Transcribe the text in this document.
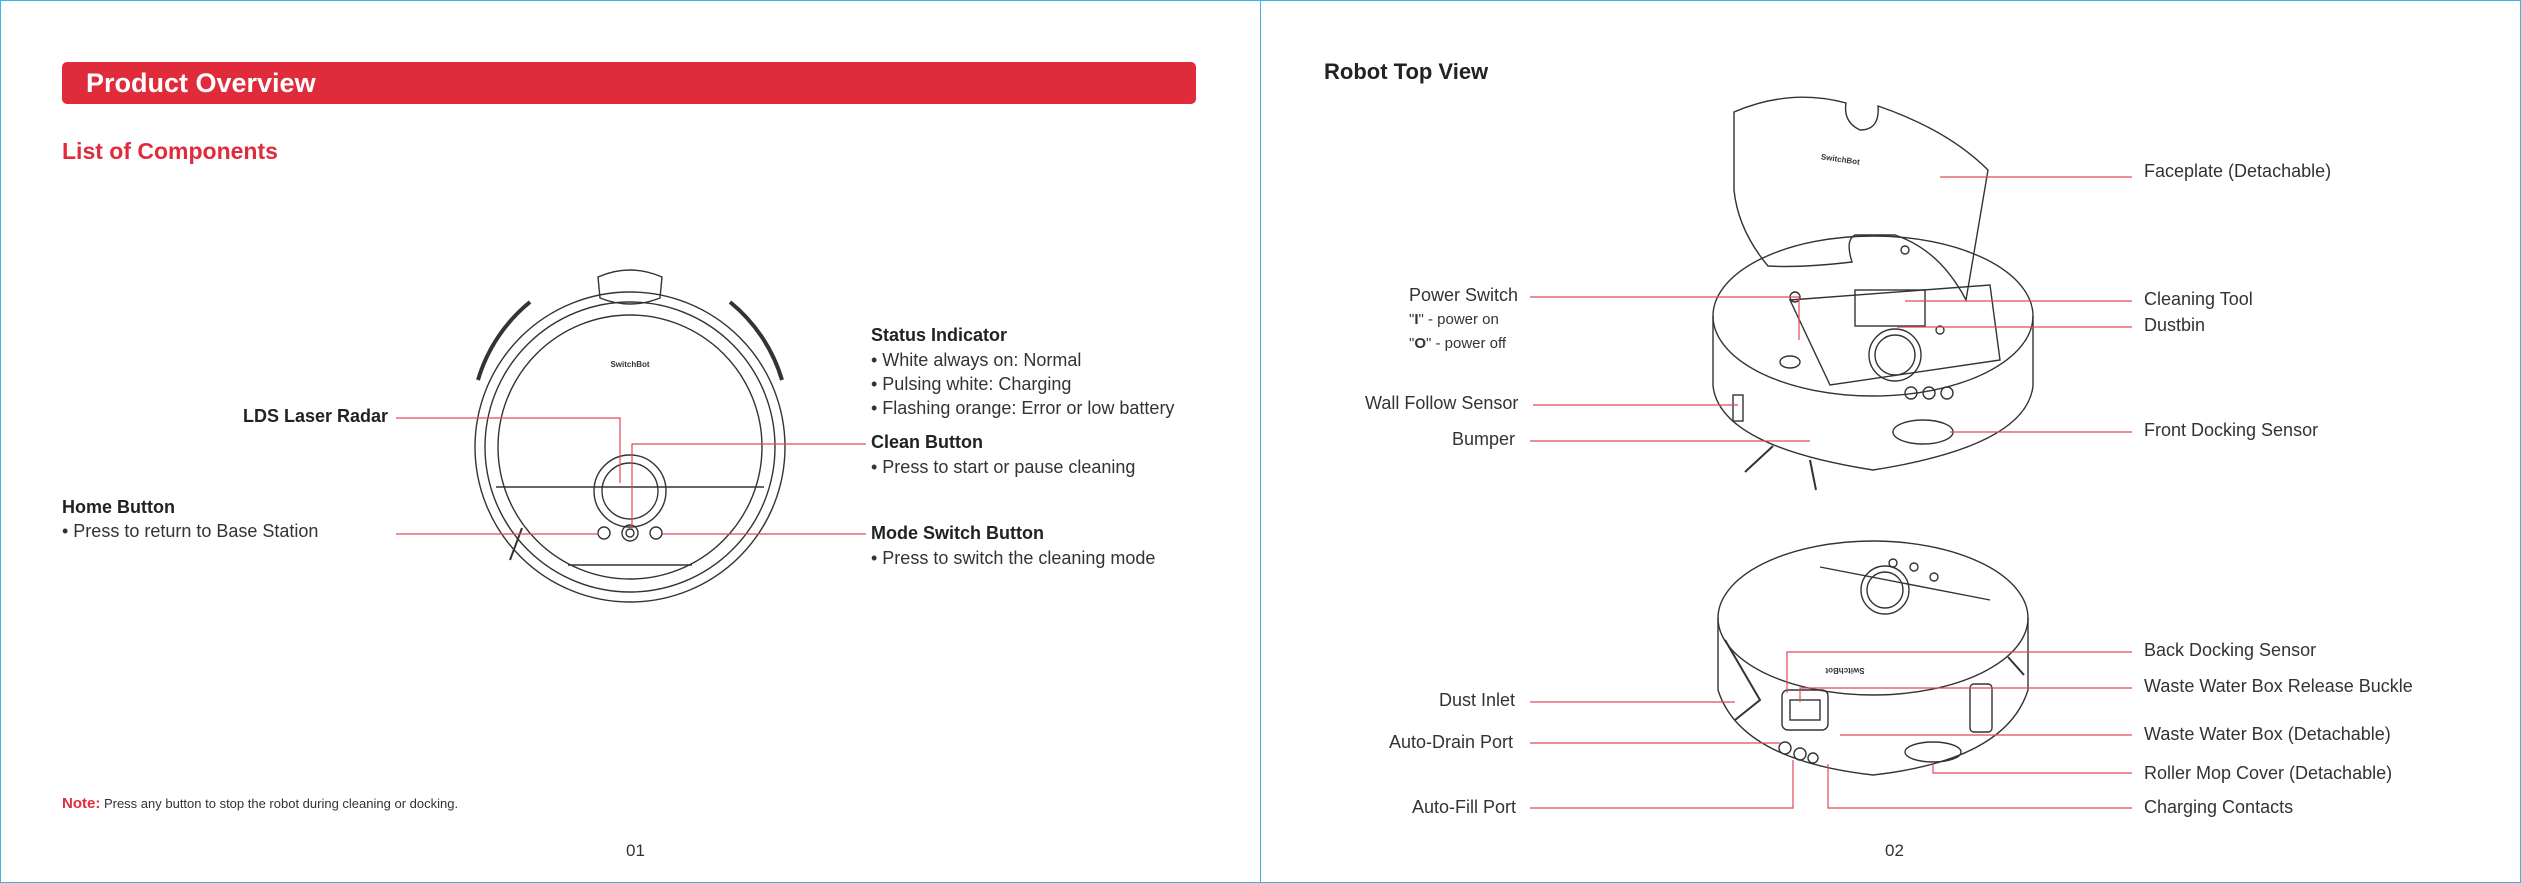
Product Overview
List of Components
Status Indicator
• White always on: Normal
• Pulsing white: Charging
• Flashing orange: Error or low battery
LDS Laser Radar
Clean Button
• Press to start or pause cleaning
Home Button
• Press to return to Base Station	Mode Switch Button
• Press to switch the cleaning mode
Note: Press any button to stop the robot during cleaning or docking.
01
Robot Top View
Faceplate (Detachable)
Cleaning Tool
Dustbin
Front Docking Sensor
Power Switch
"I" - power on
"O" - power off
Wall Follow Sensor
Bumper
Back Docking Sensor
Waste Water Box Release Buckle
Waste Water Box (Detachable)
Roller Mop Cover (Detachable)
Charging Contacts
Dust Inlet
Auto-Drain Port
Auto-Fill Port
02
SwitchBot
SwitchBot
SwitchBot
